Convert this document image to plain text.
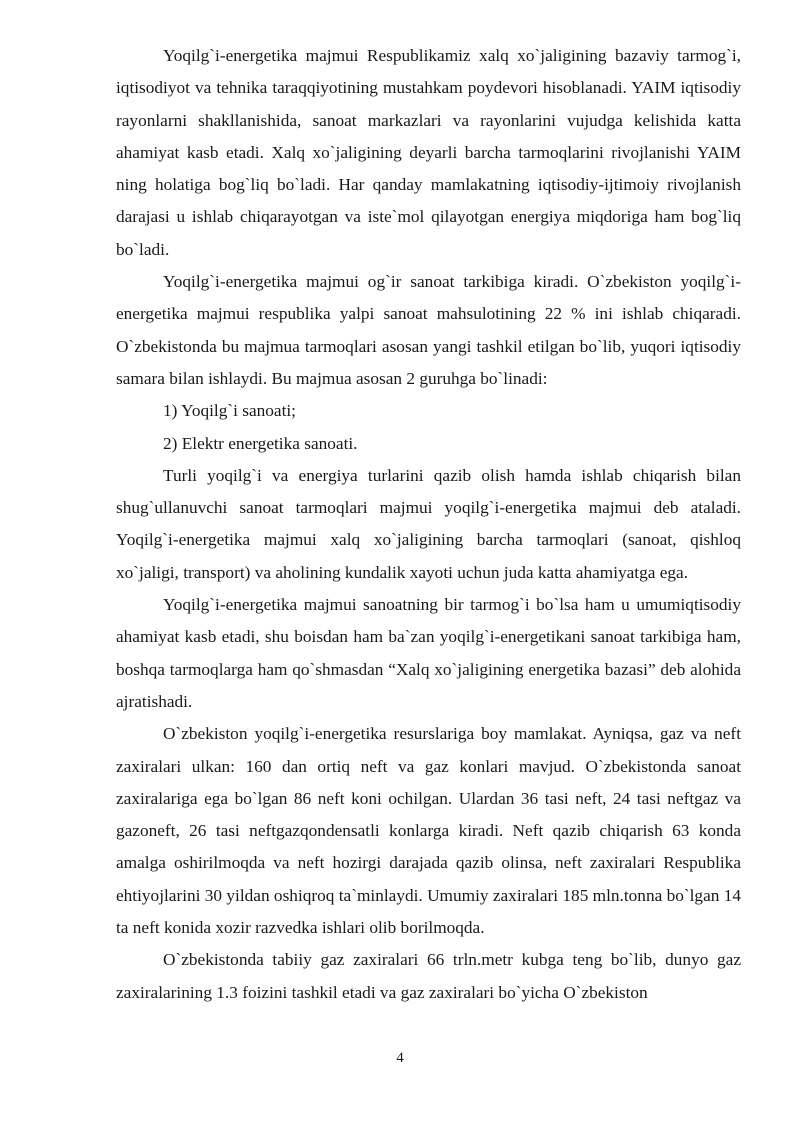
Yoqilg`i-energetika majmui Respublikamiz xalq xo`jaligining bazaviy tarmog`i, iqtisodiyot va tehnika taraqqiyotining mustahkam poydevori hisoblanadi. YAIM iqtisodiy rayonlarni shakllanishida, sanoat markazlari va rayonlarini vujudga kelishida katta ahamiyat kasb etadi. Xalq xo`jaligining deyarli barcha tarmoqlarini rivojlanishi YAIM ning holatiga bog`liq bo`ladi. Har qanday mamlakatning iqtisodiy-ijtimoiy rivojlanish darajasi u ishlab chiqarayotgan va iste`mol qilayotgan energiya miqdoriga ham bog`liq bo`ladi.

Yoqilg`i-energetika majmui og`ir sanoat tarkibiga kiradi. O`zbekiston yoqilg`i-energetika majmui respublika yalpi sanoat mahsulotining 22 % ini ishlab chiqaradi. O`zbekistonda bu majmua tarmoqlari asosan yangi tashkil etilgan bo`lib, yuqori iqtisodiy samara bilan ishlaydi. Bu majmua asosan 2 guruhga bo`linadi:

1) Yoqilg`i sanoati;

2) Elektr energetika sanoati.

Turli yoqilg`i va energiya turlarini qazib olish hamda ishlab chiqarish bilan shug`ullanuvchi sanoat tarmoqlari majmui yoqilg`i-energetika majmui deb ataladi. Yoqilg`i-energetika majmui xalq xo`jaligining barcha tarmoqlari (sanoat, qishloq xo`jaligi, transport) va aholining kundalik xayoti uchun juda katta ahamiyatga ega.

Yoqilg`i-energetika majmui sanoatning bir tarmog`i bo`lsa ham u umumiqtisodiy ahamiyat kasb etadi, shu boisdan ham ba`zan yoqilg`i-energetikani sanoat tarkibiga ham, boshqa tarmoqlarga ham qo`shmasdan “Xalq xo`jaligining energetika bazasi” deb alohida ajratishadi.

O`zbekiston yoqilg`i-energetika resurslariga boy mamlakat. Ayniqsa, gaz va neft zaxiralari ulkan: 160 dan ortiq neft va gaz konlari mavjud. O`zbekistonda sanoat zaxiralariga ega bo`lgan 86 neft koni ochilgan. Ulardan 36 tasi neft, 24 tasi neftgaz va gazoneft, 26 tasi neftgazqondensatli konlarga kiradi. Neft qazib chiqarish 63 konda amalga oshirilmoqda va neft hozirgi darajada qazib olinsa, neft zaxiralari Respublika ehtiyojlarini 30 yildan oshiqroq ta`minlaydi. Umumiy zaxiralari 185 mln.tonna bo`lgan 14 ta neft konida xozir razvedka ishlari olib borilmoqda.

O`zbekistonda tabiiy gaz zaxiralari 66 trln.metr kubga teng bo`lib, dunyo gaz zaxiralarining 1.3 foizini tashkil etadi va gaz zaxiralari bo`yicha O`zbekiston

4
